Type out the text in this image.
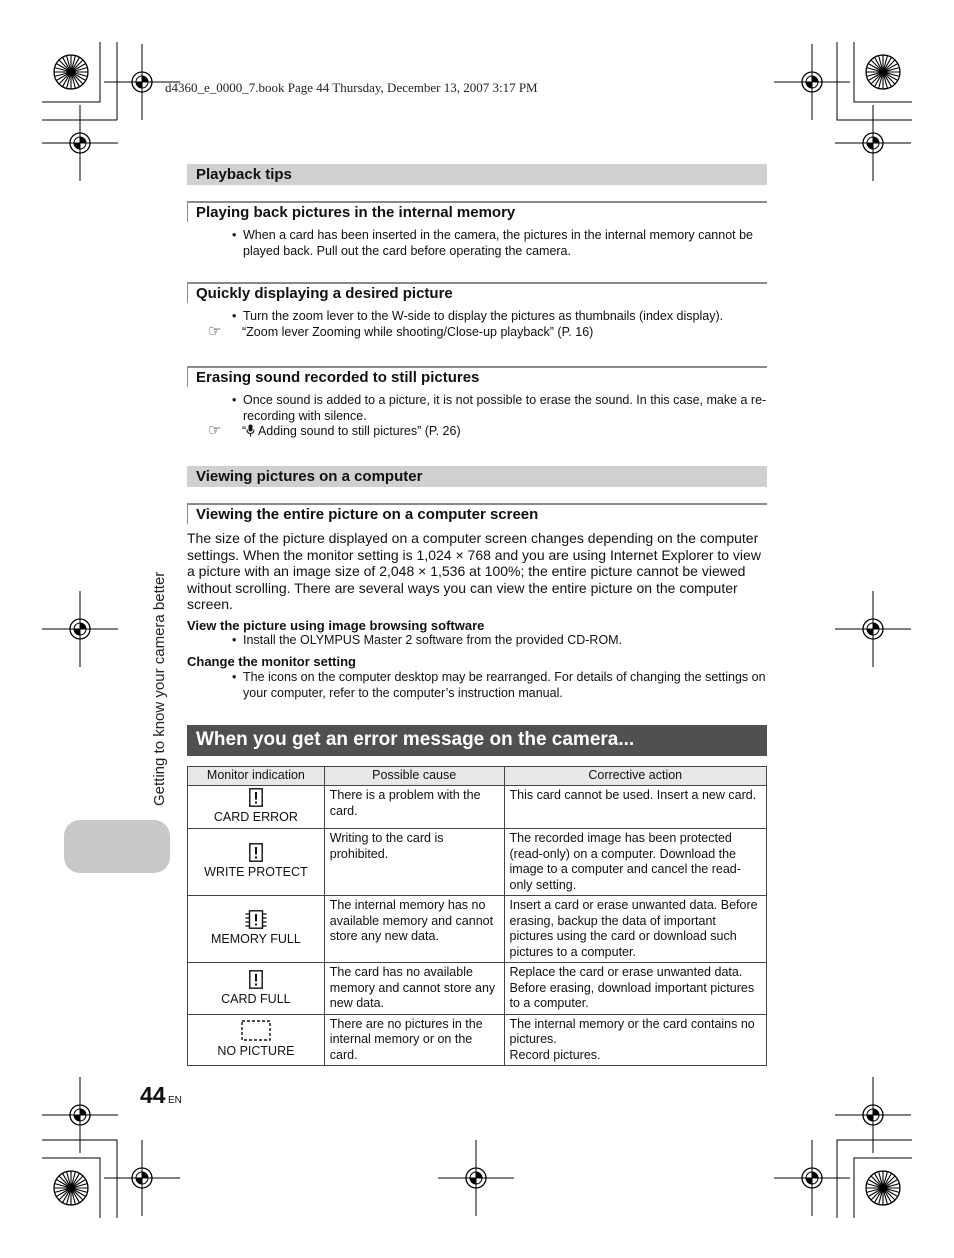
d4360_e_0000_7.book Page 44 Thursday, December 13, 2007 3:17 PM
Playback tips
Playing back pictures in the internal memory
• When a card has been inserted in the camera, the pictures in the internal memory cannot be played back. Pull out the card before operating the camera.
Quickly displaying a desired picture
• Turn the zoom lever to the W-side to display the pictures as thumbnails (index display).
☞ “Zoom lever Zooming while shooting/Close-up playback” (P. 16)
Erasing sound recorded to still pictures
• Once sound is added to a picture, it is not possible to erase the sound. In this case, make a re-recording with silence.
☞ “ Adding sound to still pictures” (P. 26)
Viewing pictures on a computer
Viewing the entire picture on a computer screen
The size of the picture displayed on a computer screen changes depending on the computer settings. When the monitor setting is 1,024 × 768 and you are using Internet Explorer to view a picture with an image size of 2,048 × 1,536 at 100%; the entire picture cannot be viewed without scrolling. There are several ways you can view the entire picture on the computer screen.
View the picture using image browsing software
• Install the OLYMPUS Master 2 software from the provided CD-ROM.
Change the monitor setting
• The icons on the computer desktop may be rearranged. For details of changing the settings on your computer, refer to the computer’s instruction manual.
When you get an error message on the camera...
Monitor indication	Possible cause	Corrective action

CARD ERROR	There is a problem with the card.	This card cannot be used. Insert a new card.

WRITE PROTECT	Writing to the card is prohibited.	The recorded image has been protected (read-only) on a computer. Download the image to a computer and cancel the read-only setting.

MEMORY FULL	The internal memory has no available memory and cannot store any new data.	Insert a card or erase unwanted data. Before erasing, backup the data of important pictures using the card or download such pictures to a computer.

CARD FULL	The card has no available memory and cannot store any new data.	Replace the card or erase unwanted data. Before erasing, download important pictures to a computer.

NO PICTURE	There are no pictures in the internal memory or on the card.	The internal memory or the card contains no pictures.
Record pictures.
Getting to know your camera better
44 EN
